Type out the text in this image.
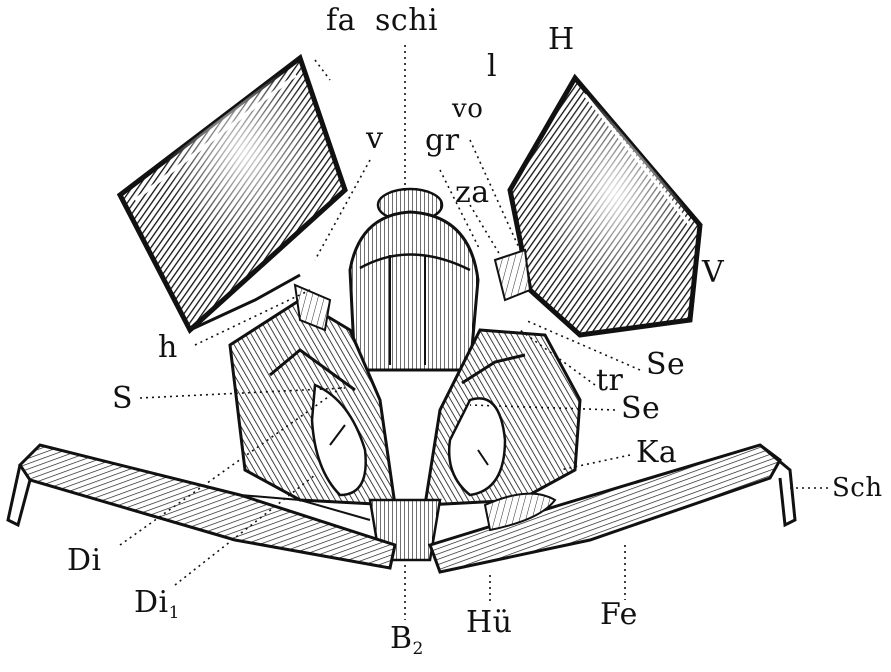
fa schi
l
H
vo
v gr
za
V
h
S
Se
tr
Se
Ka
Sch
Di
$Di_1$
$B_2$
Hü	Fe
